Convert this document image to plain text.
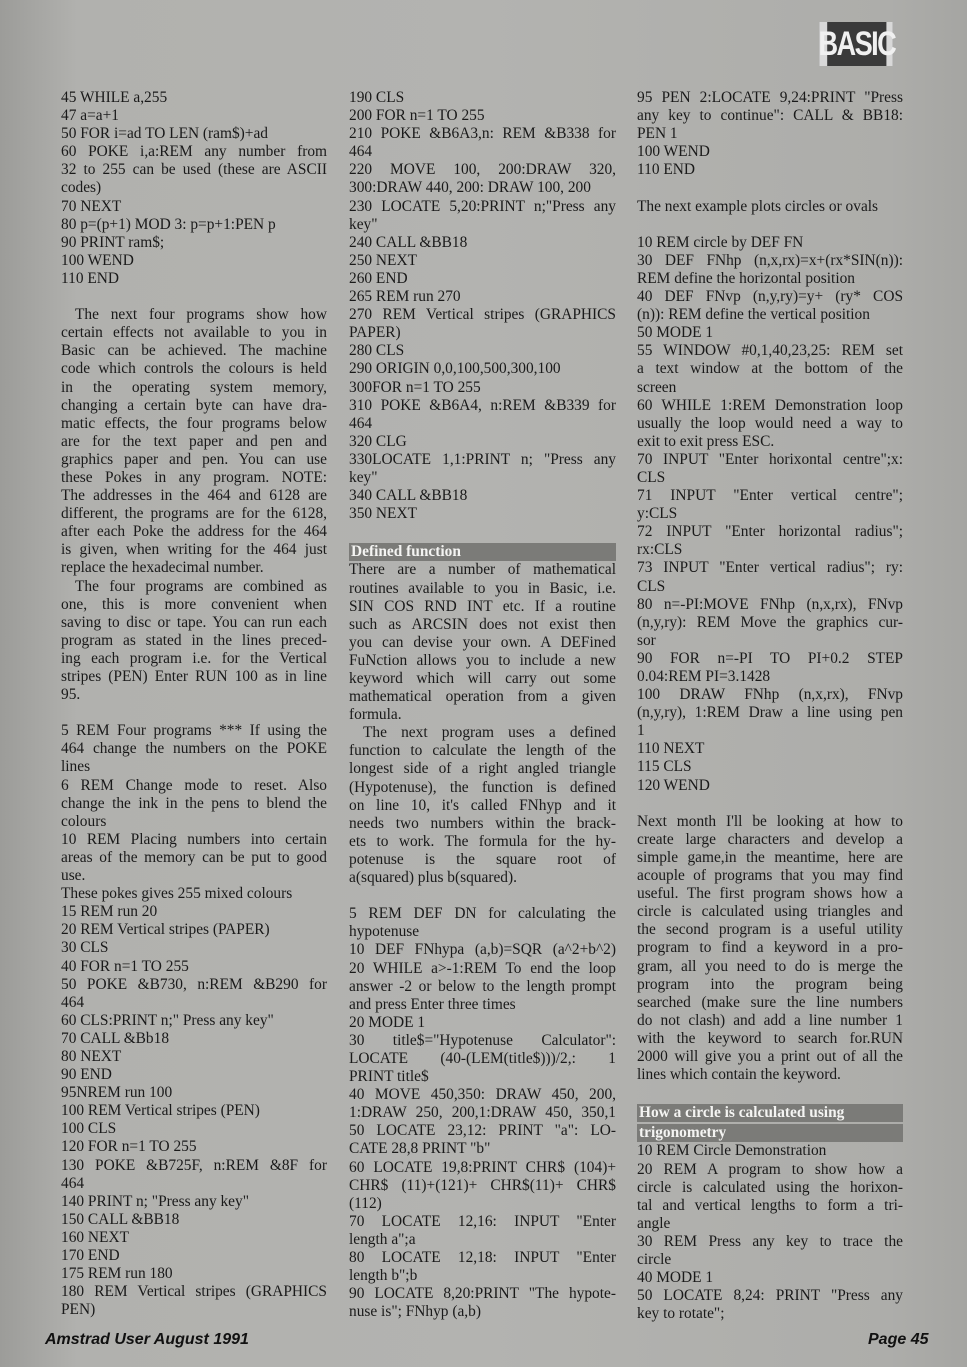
BASIC
45 WHILE a,255
47 a=a+1
50 FOR i=ad TO LEN (ram$)+ad
60 POKE i,a:REM any number from
32 to 255 can be used (these are ASCII
codes)
70 NEXT
80 p=(p+1) MOD 3: p=p+1:PEN p
90 PRINT ram$;
100 WEND
110 END
The next four programs show how
certain effects not available to you in
Basic can be achieved. The machine
code which controls the colours is held
in the operating system memory,
changing a certain byte can have dra-
matic effects, the four programs below
are for the text paper and pen and
graphics paper and pen. You can use
these Pokes in any program. NOTE:
The addresses in the 464 and 6128 are
different, the programs are for the 6128,
after each Poke the address for the 464
is given, when writing for the 464 just
replace the hexadecimal number.
The four programs are combined as
one, this is more convenient when
saving to disc or tape. You can run each
program as stated in the lines preced-
ing each program i.e. for the Vertical
stripes (PEN) Enter RUN 100 as in line
95.
5 REM Four programs *** If using the
464 change the numbers on the POKE
lines
6 REM Change mode to reset. Also
change the ink in the pens to blend the
colours
10 REM Placing numbers into certain
areas of the memory can be put to good
use.
These pokes gives 255 mixed colours
15 REM run 20
20 REM Vertical stripes (PAPER)
30 CLS
40 FOR n=1 TO 255
50 POKE &B730, n:REM &B290 for
464
60 CLS:PRINT n;" Press any key"
70 CALL &Bb18
80 NEXT
90 END
95NREM run 100
100 REM Vertical stripes (PEN)
100 CLS
120 FOR n=1 TO 255
130 POKE &B725F, n:REM &8F for
464
140 PRINT n; "Press any key"
150 CALL &BB18
160 NEXT
170 END
175 REM run 180
180 REM Vertical stripes (GRAPHICS
PEN)
190 CLS
200 FOR n=1 TO 255
210 POKE &B6A3,n: REM &B338 for
464
220 MOVE 100, 200:DRAW 320,
300:DRAW 440, 200: DRAW 100, 200
230 LOCATE 5,20:PRINT n;"Press any
key"
240 CALL &BB18
250 NEXT
260 END
265 REM run 270
270 REM Vertical stripes (GRAPHICS
PAPER)
280 CLS
290 ORIGIN 0,0,100,500,300,100
300FOR n=1 TO 255
310 POKE &B6A4, n:REM &B339 for
464
320 CLG
330LOCATE 1,1:PRINT n; "Press any
key"
340 CALL &BB18
350 NEXT
Defined function
There are a number of mathematical
routines available to you in Basic, i.e.
SIN COS RND INT etc. If a routine
such as ARCSIN does not exist then
you can devise your own. A DEFined
FuNction allows you to include a new
keyword which will carry out some
mathematical operation from a given
formula.
The next program uses a defined
function to calculate the length of the
longest side of a right angled triangle
(Hypotenuse), the function is defined
on line 10, it's called FNhyp and it
needs two numbers within the brack-
ets to work. The formula for the hy-
potenuse is the square root of
a(squared) plus b(squared).
5 REM DEF DN for calculating the
hypotenuse
10 DEF FNhypa (a,b)=SQR (a^2+b^2)
20 WHILE a>-1:REM To end the loop
answer -2 or below to the length prompt
and press Enter three times
20 MODE 1
30 title$="Hypotenuse Calculator":
LOCATE (40-(LEM(title$)))/2,: 1
PRINT title$
40 MOVE 450,350: DRAW 450, 200,
1:DRAW 250, 200,1:DRAW 450, 350,1
50 LOCATE 23,12: PRINT "a": LO-
CATE 28,8 PRINT "b"
60 LOCATE 19,8:PRINT CHR$ (104)+
CHR$ (11)+(121)+ CHR$(11)+ CHR$
(112)
70 LOCATE 12,16: INPUT "Enter
length a";a
80 LOCATE 12,18: INPUT "Enter
length b";b
90 LOCATE 8,20:PRINT "The hypote-
nuse is"; FNhyp (a,b)
95 PEN 2:LOCATE 9,24:PRINT "Press
any key to continue": CALL & BB18:
PEN 1
100 WEND
110 END
The next example plots circles or ovals
10 REM circle by DEF FN
30 DEF FNhp (n,x,rx)=x+(rx*SIN(n)):
REM define the horizontal position
40 DEF FNvp (n,y,ry)=y+ (ry* COS
(n)): REM define the vertical position
50 MODE 1
55 WINDOW #0,1,40,23,25: REM set
a text window at the bottom of the
screen
60 WHILE 1:REM Demonstration loop
usually the loop would need a way to
exit to exit press ESC.
70 INPUT "Enter horixontal centre";x:
CLS
71 INPUT "Enter vertical centre";
y:CLS
72 INPUT "Enter horizontal radius";
rx:CLS
73 INPUT "Enter vertical radius"; ry:
CLS
80 n=-PI:MOVE FNhp (n,x,rx), FNvp
(n,y,ry): REM Move the graphics cur-
sor
90 FOR n=-PI TO PI+0.2 STEP
0.04:REM PI=3.1428
100 DRAW FNhp (n,x,rx), FNvp
(n,y,ry), 1:REM Draw a line using pen
1
110 NEXT
115 CLS
120 WEND
Next month I'll be looking at how to
create large characters and develop a
simple game,in the meantime, here are
acouple of programs that you may find
useful. The first program shows how a
circle is calculated using triangles and
the second program is a useful utility
program to find a keyword in a pro-
gram, all you need to do is merge the
program into the program being
searched (make sure the line numbers
do not clash) and add a line number 1
with the keyword to search for.RUN
2000 will give you a print out of all the
lines which contain the keyword.
How a circle is calculated using
trigonometry
10 REM Circle Demonstration
20 REM A program to show how a
circle is calculated using the horixon-
tal and vertical lengths to form a tri-
angle
30 REM Press any key to trace the
circle
40 MODE 1
50 LOCATE 8,24: PRINT "Press any
key to rotate";
Amstrad User August 1991	Page 45
